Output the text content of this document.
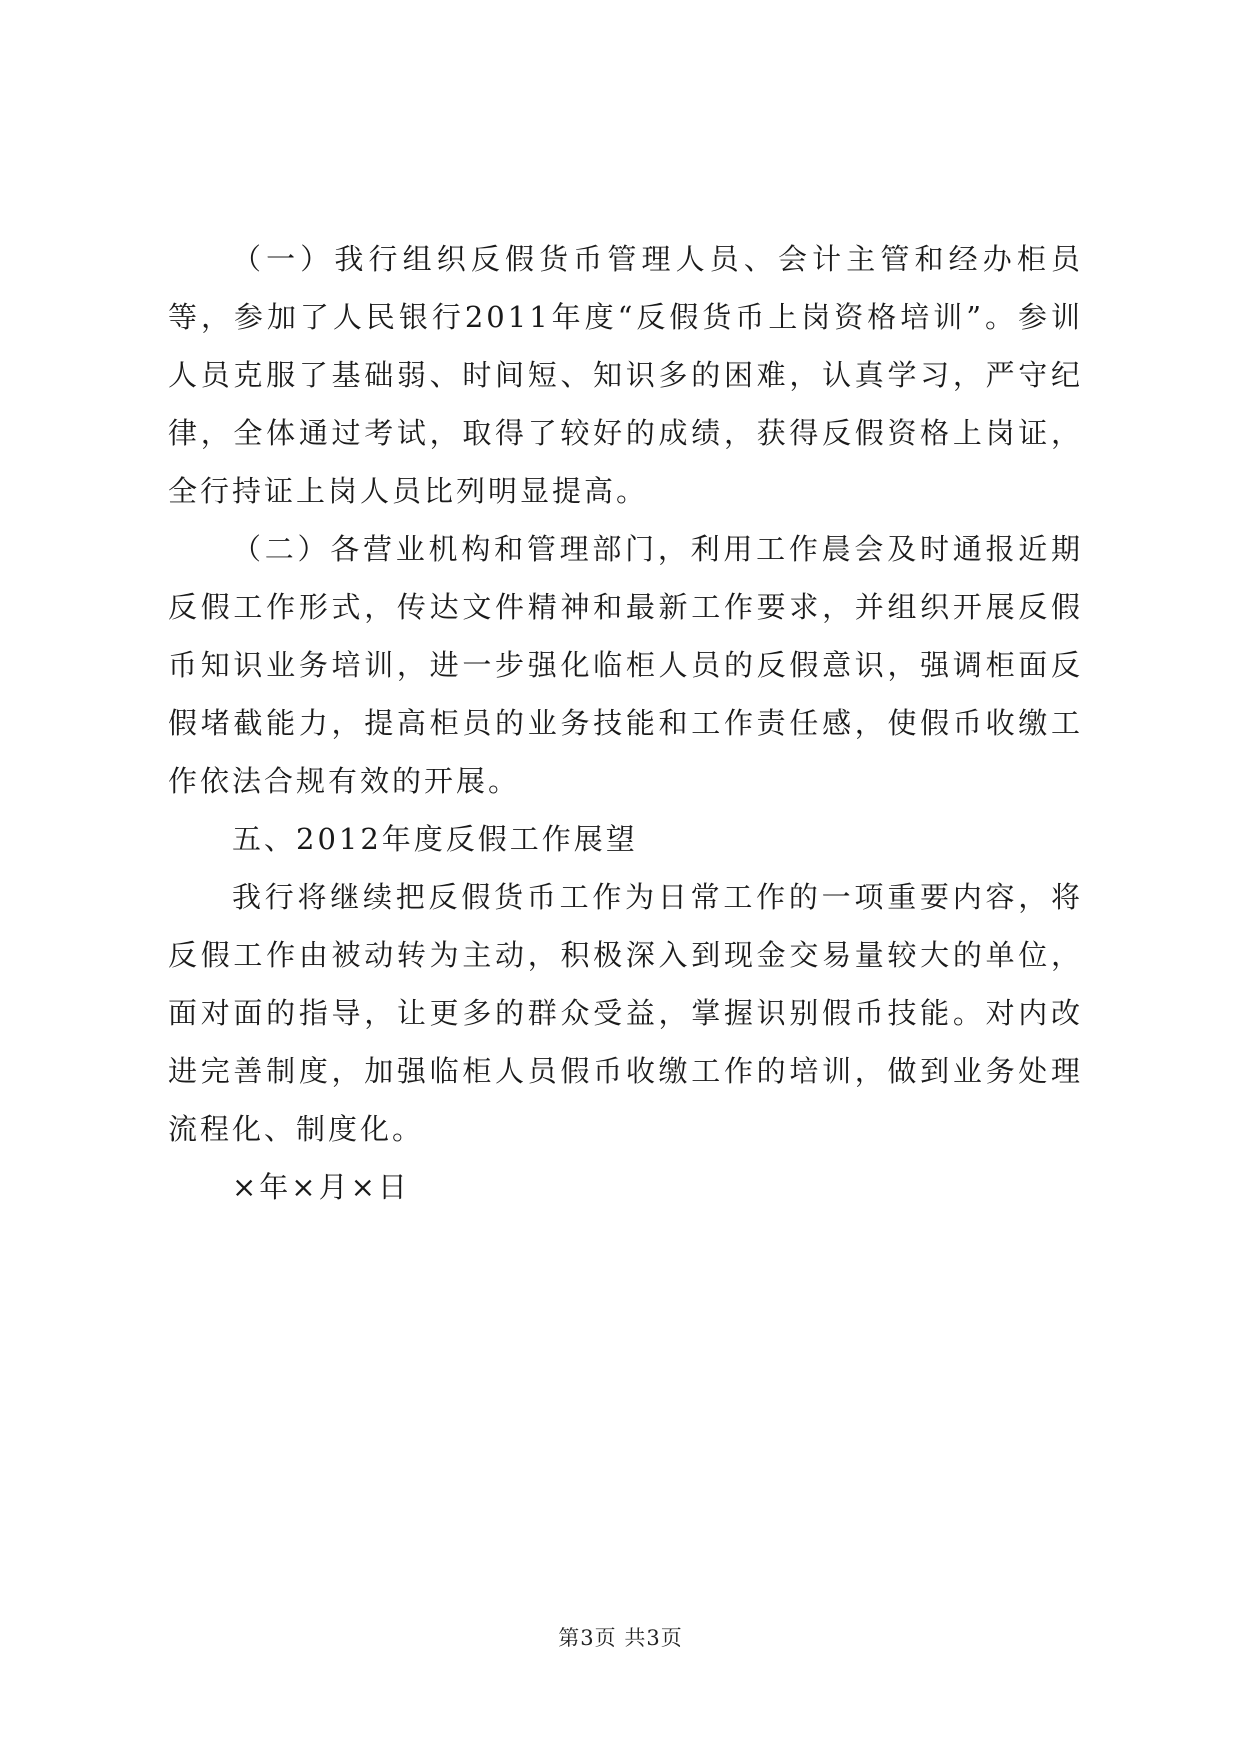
（一）我行组织反假货币管理人员、会计主管和经办柜员等，参加了人民银行2011年度“反假货币上岗资格培训”。参训人员克服了基础弱、时间短、知识多的困难，认真学习，严守纪律，全体通过考试，取得了较好的成绩，获得反假资格上岗证，全行持证上岗人员比列明显提高。

（二）各营业机构和管理部门，利用工作晨会及时通报近期反假工作形式，传达文件精神和最新工作要求，并组织开展反假币知识业务培训，进一步强化临柜人员的反假意识，强调柜面反假堵截能力，提高柜员的业务技能和工作责任感，使假币收缴工作依法合规有效的开展。

五、2012年度反假工作展望

我行将继续把反假货币工作为日常工作的一项重要内容，将反假工作由被动转为主动，积极深入到现金交易量较大的单位，面对面的指导，让更多的群众受益，掌握识别假币技能。对内改进完善制度，加强临柜人员假币收缴工作的培训，做到业务处理流程化、制度化。

×年×月×日

第3页 共3页
